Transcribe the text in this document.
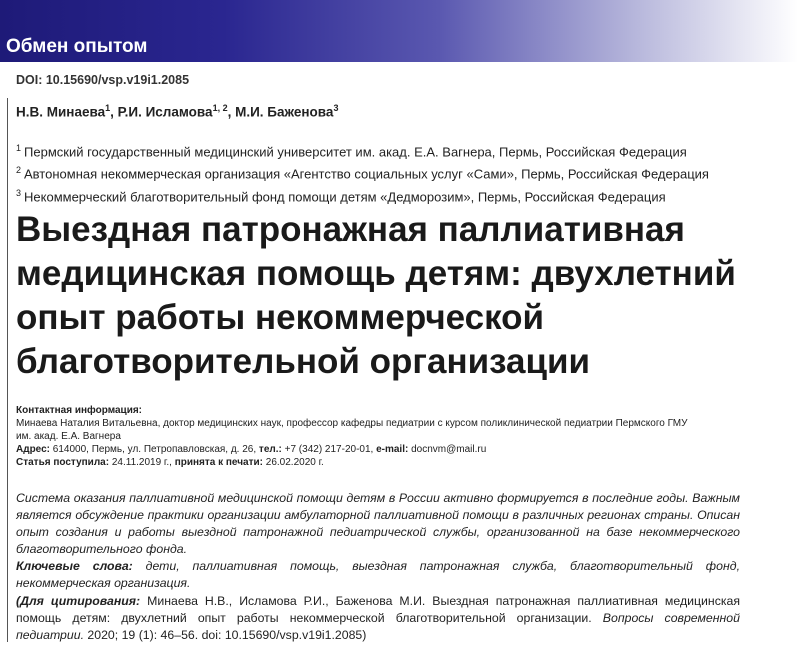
Обмен опытом
DOI: 10.15690/vsp.v19i1.2085
Н.В. Минаева$^1$, Р.И. Исламова$^{1, 2}$, М.И. Баженова$^3$
$^1$ Пермский государственный медицинский университет им. акад. Е.А. Вагнера, Пермь, Российская Федерация
$^2$ Автономная некоммерческая организация «Агентство социальных услуг «Сами», Пермь, Российская Федерация
$^3$ Некоммерческий благотворительный фонд помощи детям «Дедморозим», Пермь, Российская Федерация
Выездная патронажная паллиативная
медицинская помощь детям: двухлетний
опыт работы некоммерческой
благотворительной организации
Контактная информация:
Минаева Наталия Витальевна, доктор медицинских наук, профессор кафедры педиатрии с курсом поликлинической педиатрии Пермского ГМУ
им. акад. Е.А. Вагнера
Адрес: 614000, Пермь, ул. Петропавловская, д. 26, тел.: +7 (342) 217-20-01, e-mail: docnvm@mail.ru
Статья поступила: 24.11.2019 г., принята к печати: 26.02.2020 г.

Система оказания паллиативной медицинской помощи детям в России активно формируется в последние годы. Важным является обсуждение практики организации амбулаторной паллиативной помощи в различных регионах страны. Описан опыт создания и работы выездной патронажной педиатрической службы, организованной на базе некоммерческого благотворительного фонда.

Ключевые слова: дети, паллиативная помощь, выездная патронажная служба, благотворительный фонд, некоммерческая организация.

(Для цитирования: Минаева Н.В., Исламова Р.И., Баженова М.И. Выездная патронажная паллиативная медицинская помощь детям: двухлетний опыт работы некоммерческой благотворительной организации. Вопросы современной педиатрии. 2020; 19 (1): 46–56. doi: 10.15690/vsp.v19i1.2085)
